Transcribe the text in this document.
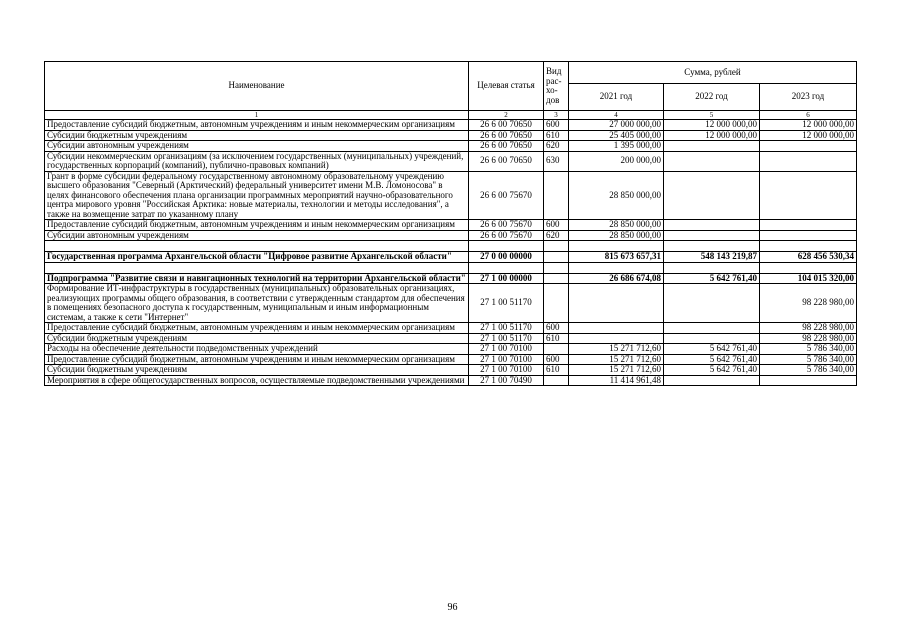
Наименование	Целевая статья	Вид рас-хо-дов	Сумма, рублей		
			2021 год	2022 год	2023 год
1	2	3	4	5	6
Предоставление субсидий бюджетным, автономным учреждениям и иным некоммерческим организациям	26 6 00 70650	600	27 000 000,00	12 000 000,00	12 000 000,00
Субсидии бюджетным учреждениям	26 6 00 70650	610	25 405 000,00	12 000 000,00	12 000 000,00
Субсидии автономным учреждениям	26 6 00 70650	620	1 395 000,00		
Субсидии некоммерческим организациям (за исключением государственных (муниципальных) учреждений, государственных корпораций (компаний), публично-правовых компаний)	26 6 00 70650	630	200 000,00		
Грант в форме субсидии федеральному государственному автономному образовательному учреждению высшего образования "Северный (Арктический) федеральный университет имени М.В. Ломоносова" в целях финансового обеспечения плана организации программных мероприятий научно-образовательного центра мирового уровня "Российская Арктика: новые материалы, технологии и методы исследования", а также на возмещение затрат по указанному плану	26 6 00 75670		28 850 000,00		
Предоставление субсидий бюджетным, автономным учреждениям и иным некоммерческим организациям	26 6 00 75670	600	28 850 000,00		
Субсидии автономным учреждениям	26 6 00 75670	620	28 850 000,00		

Государственная программа Архангельской области "Цифровое развитие Архангельской области"	27 0 00 00000		815 673 657,31	548 143 219,87	628 456 530,34

Подпрограмма "Развитие связи и навигационных технологий на территории Архангельской области"	27 1 00 00000		26 686 674,08	5 642 761,40	104 015 320,00
Формирование ИТ-инфраструктуры в государственных (муниципальных) образовательных организациях, реализующих программы общего образования, в соответствии с утвержденным стандартом для обеспечения в помещениях безопасного доступа к государственным, муниципальным и иным информационным системам, а также к сети "Интернет"	27 1 00 51170				98 228 980,00
Предоставление субсидий бюджетным, автономным учреждениям и иным некоммерческим организациям	27 1 00 51170	600			98 228 980,00
Субсидии бюджетным учреждениям	27 1 00 51170	610			98 228 980,00
Расходы на обеспечение деятельности подведомственных учреждений	27 1 00 70100		15 271 712,60	5 642 761,40	5 786 340,00
Предоставление субсидий бюджетным, автономным учреждениям и иным некоммерческим организациям	27 1 00 70100	600	15 271 712,60	5 642 761,40	5 786 340,00
Субсидии бюджетным учреждениям	27 1 00 70100	610	15 271 712,60	5 642 761,40	5 786 340,00
Мероприятия в сфере общегосударственных вопросов, осуществляемые подведомственными учреждениями	27 1 00 70490		11 414 961,48		
96
